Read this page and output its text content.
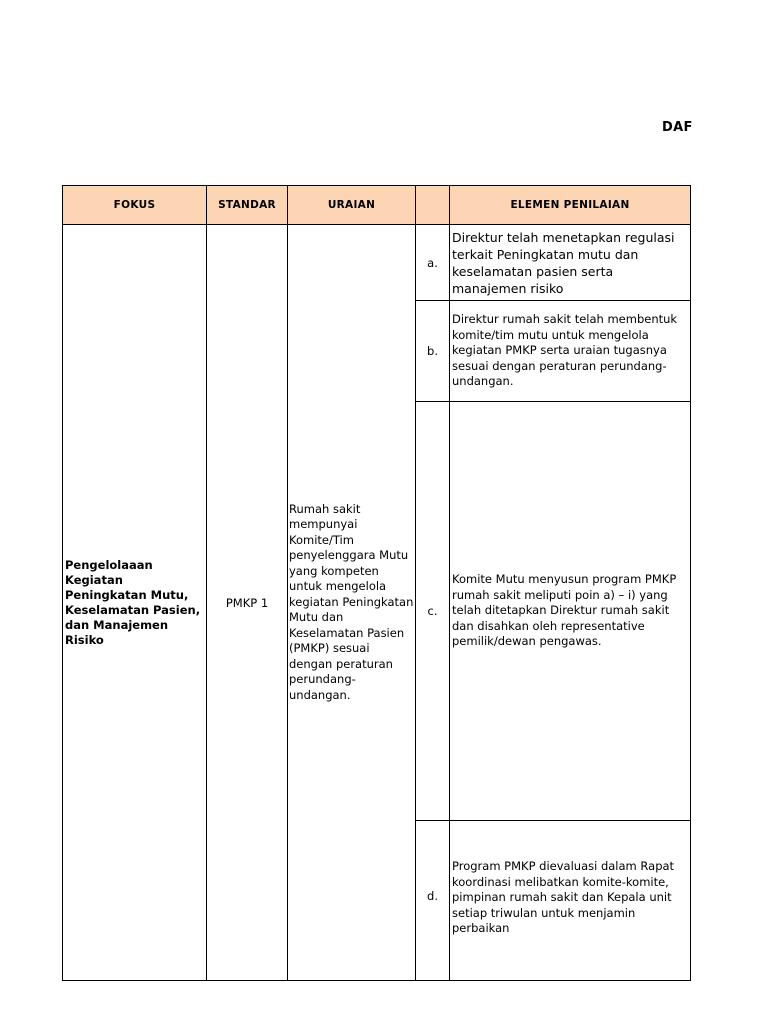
DAF
FOKUS	STANDAR	URAIAN		ELEMEN PENILAIAN
Pengelolaaan Kegiatan Peningkatan Mutu, Keselamatan Pasien, dan Manajemen Risiko	PMKP 1	Rumah sakit mempunyai Komite/Tim penyelenggara Mutu yang kompeten untuk mengelola kegiatan Peningkatan Mutu dan Keselamatan Pasien (PMKP) sesuai dengan peraturan perundang-undangan.	a.	Direktur telah menetapkan regulasi terkait Peningkatan mutu dan keselamatan pasien serta manajemen risiko
			b.	Direktur rumah sakit telah membentuk komite/tim mutu untuk mengelola kegiatan PMKP serta uraian tugasnya sesuai dengan peraturan perundang-undangan.
			c.	Komite Mutu menyusun program PMKP rumah sakit meliputi poin a) – i) yang telah ditetapkan Direktur rumah sakit dan disahkan oleh representative pemilik/dewan pengawas.

			d.	Program PMKP dievaluasi dalam Rapat koordinasi melibatkan komite-komite, pimpinan rumah sakit dan Kepala unit setiap triwulan untuk menjamin perbaikan
